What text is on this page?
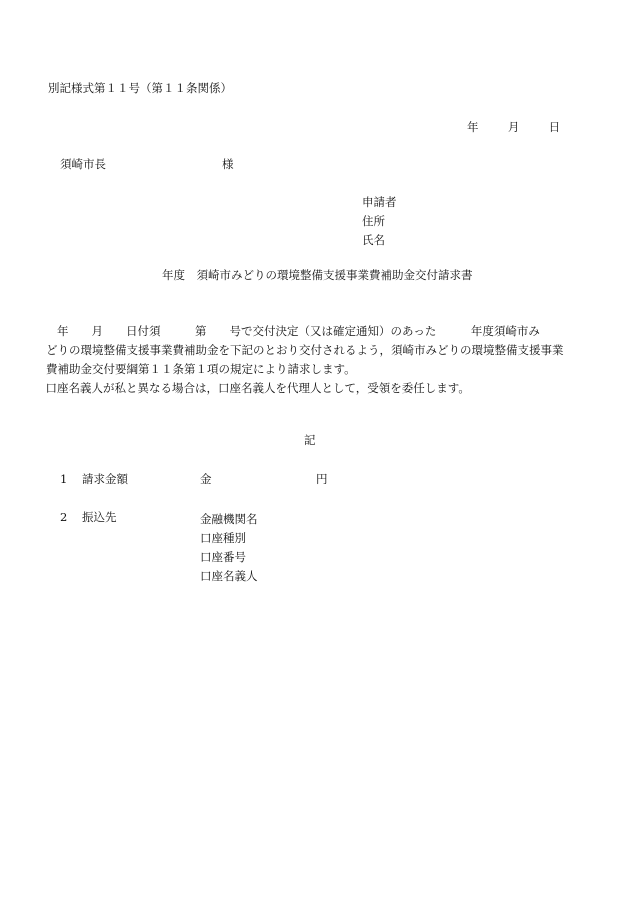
別記様式第１１号（第１１条関係）
年	月	日
須崎市長	様
申請者
住所
氏名
年度　須崎市みどりの環境整備支援事業費補助金交付請求書

　　年　　月　　日付須　　　第　　号で交付決定（又は確定通知）のあった　　　年度須崎市み

どりの環境整備支援事業費補助金を下記のとおり交付されるよう，須崎市みどりの環境整備支援事業

費補助金交付要綱第１１条第１項の規定により請求します。

　口座名義人が私と異なる場合は，口座名義人を代理人として，受領を委任します。

記
1 請求金額	金	円
2 振込先	金融機関名
口座種別
口座番号
口座名義人
